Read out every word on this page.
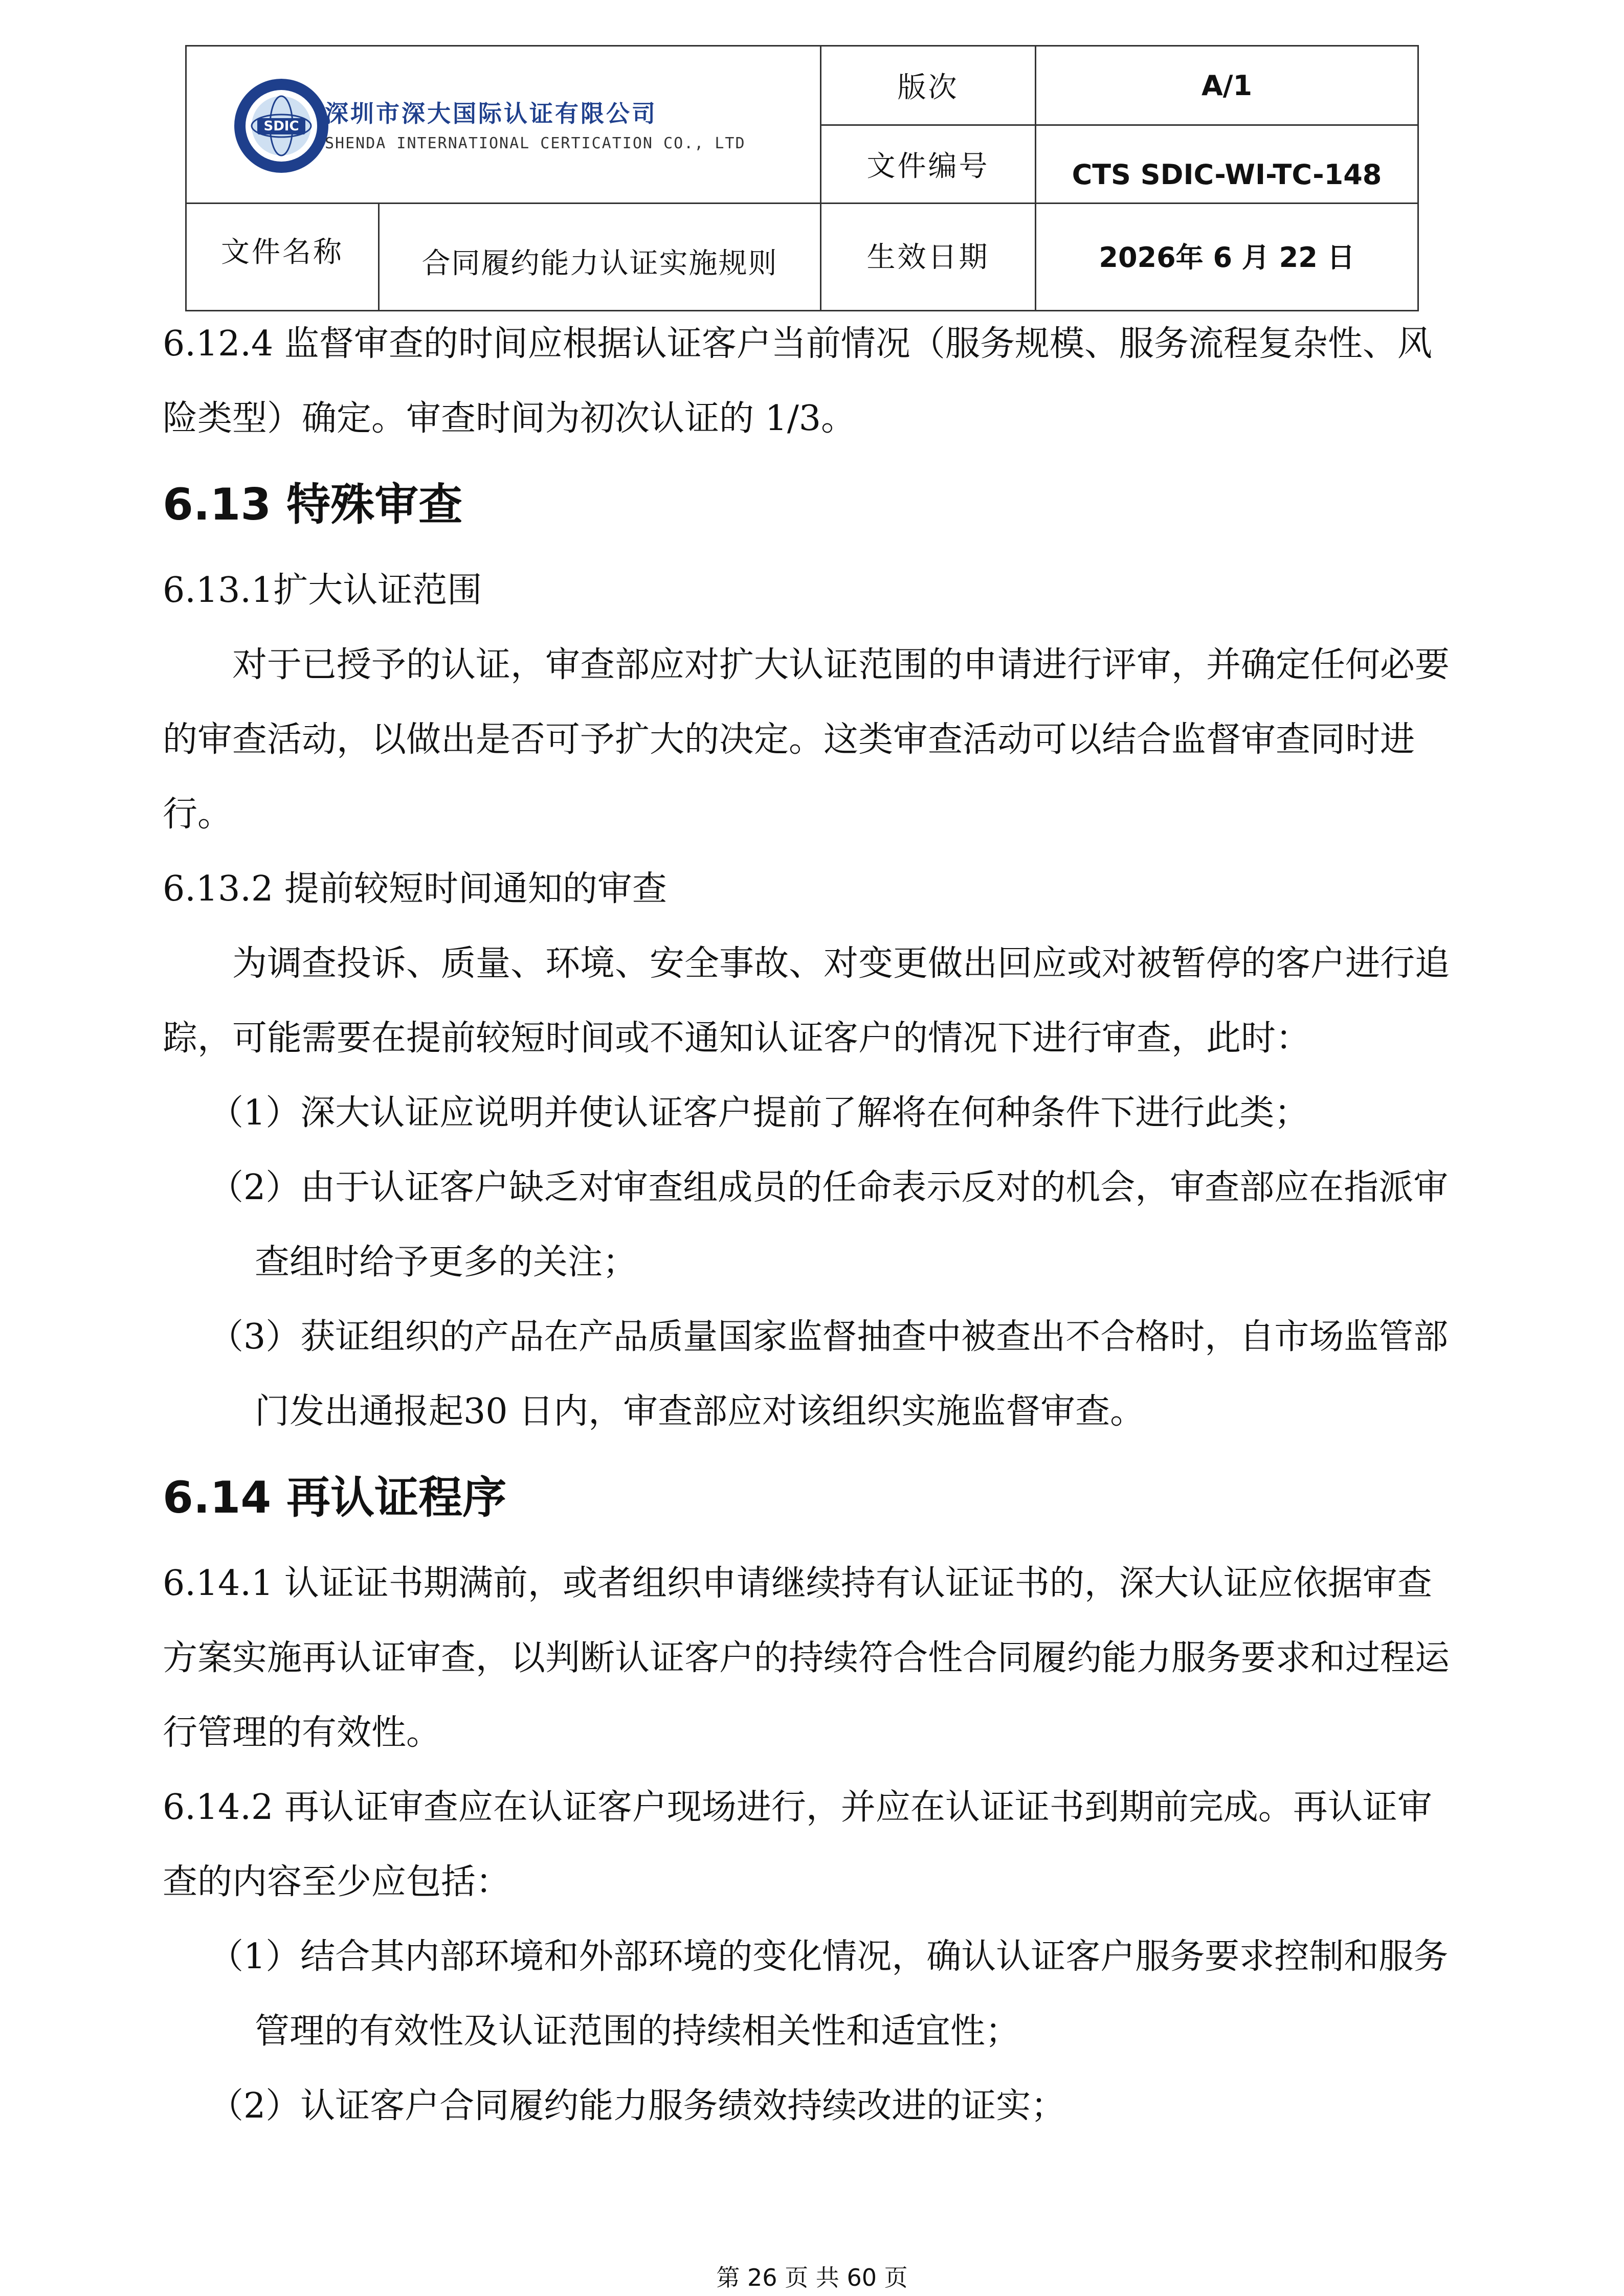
SDIC 深圳市深大国际认证有限公司
SHENDA INTERNATIONAL CERTICATION CO., LTD
版次	A/1
文件编号	CTS SDIC-WI-TC-148
文件名称	合同履约能力认证实施规则	生效日期	2026年 6 月 22 日

6.12.4 监督审查的时间应根据认证客户当前情况（服务规模、服务流程复杂性、风险类型）确定。审查时间为初次认证的 1/3。

6.13 特殊审查

6.13.1扩大认证范围

对于已授予的认证，审查部应对扩大认证范围的申请进行评审，并确定任何必要的审查活动，以做出是否可予扩大的决定。这类审查活动可以结合监督审查同时进行。

6.13.2 提前较短时间通知的审查

为调查投诉、质量、环境、安全事故、对变更做出回应或对被暂停的客户进行追踪，可能需要在提前较短时间或不通知认证客户的情况下进行审查，此时：

（1）深大认证应说明并使认证客户提前了解将在何种条件下进行此类；

（2）由于认证客户缺乏对审查组成员的任命表示反对的机会，审查部应在指派审查组时给予更多的关注；

（3）获证组织的产品在产品质量国家监督抽查中被查出不合格时，自市场监管部门发出通报起30 日内，审查部应对该组织实施监督审查。

6.14 再认证程序

6.14.1 认证证书期满前，或者组织申请继续持有认证证书的，深大认证应依据审查方案实施再认证审查，以判断认证客户的持续符合性合同履约能力服务要求和过程运行管理的有效性。

6.14.2 再认证审查应在认证客户现场进行，并应在认证证书到期前完成。再认证审查的内容至少应包括：

（1）结合其内部环境和外部环境的变化情况，确认认证客户服务要求控制和服务管理的有效性及认证范围的持续相关性和适宜性；

（2）认证客户合同履约能力服务绩效持续改进的证实；

第 26 页 共 60 页
